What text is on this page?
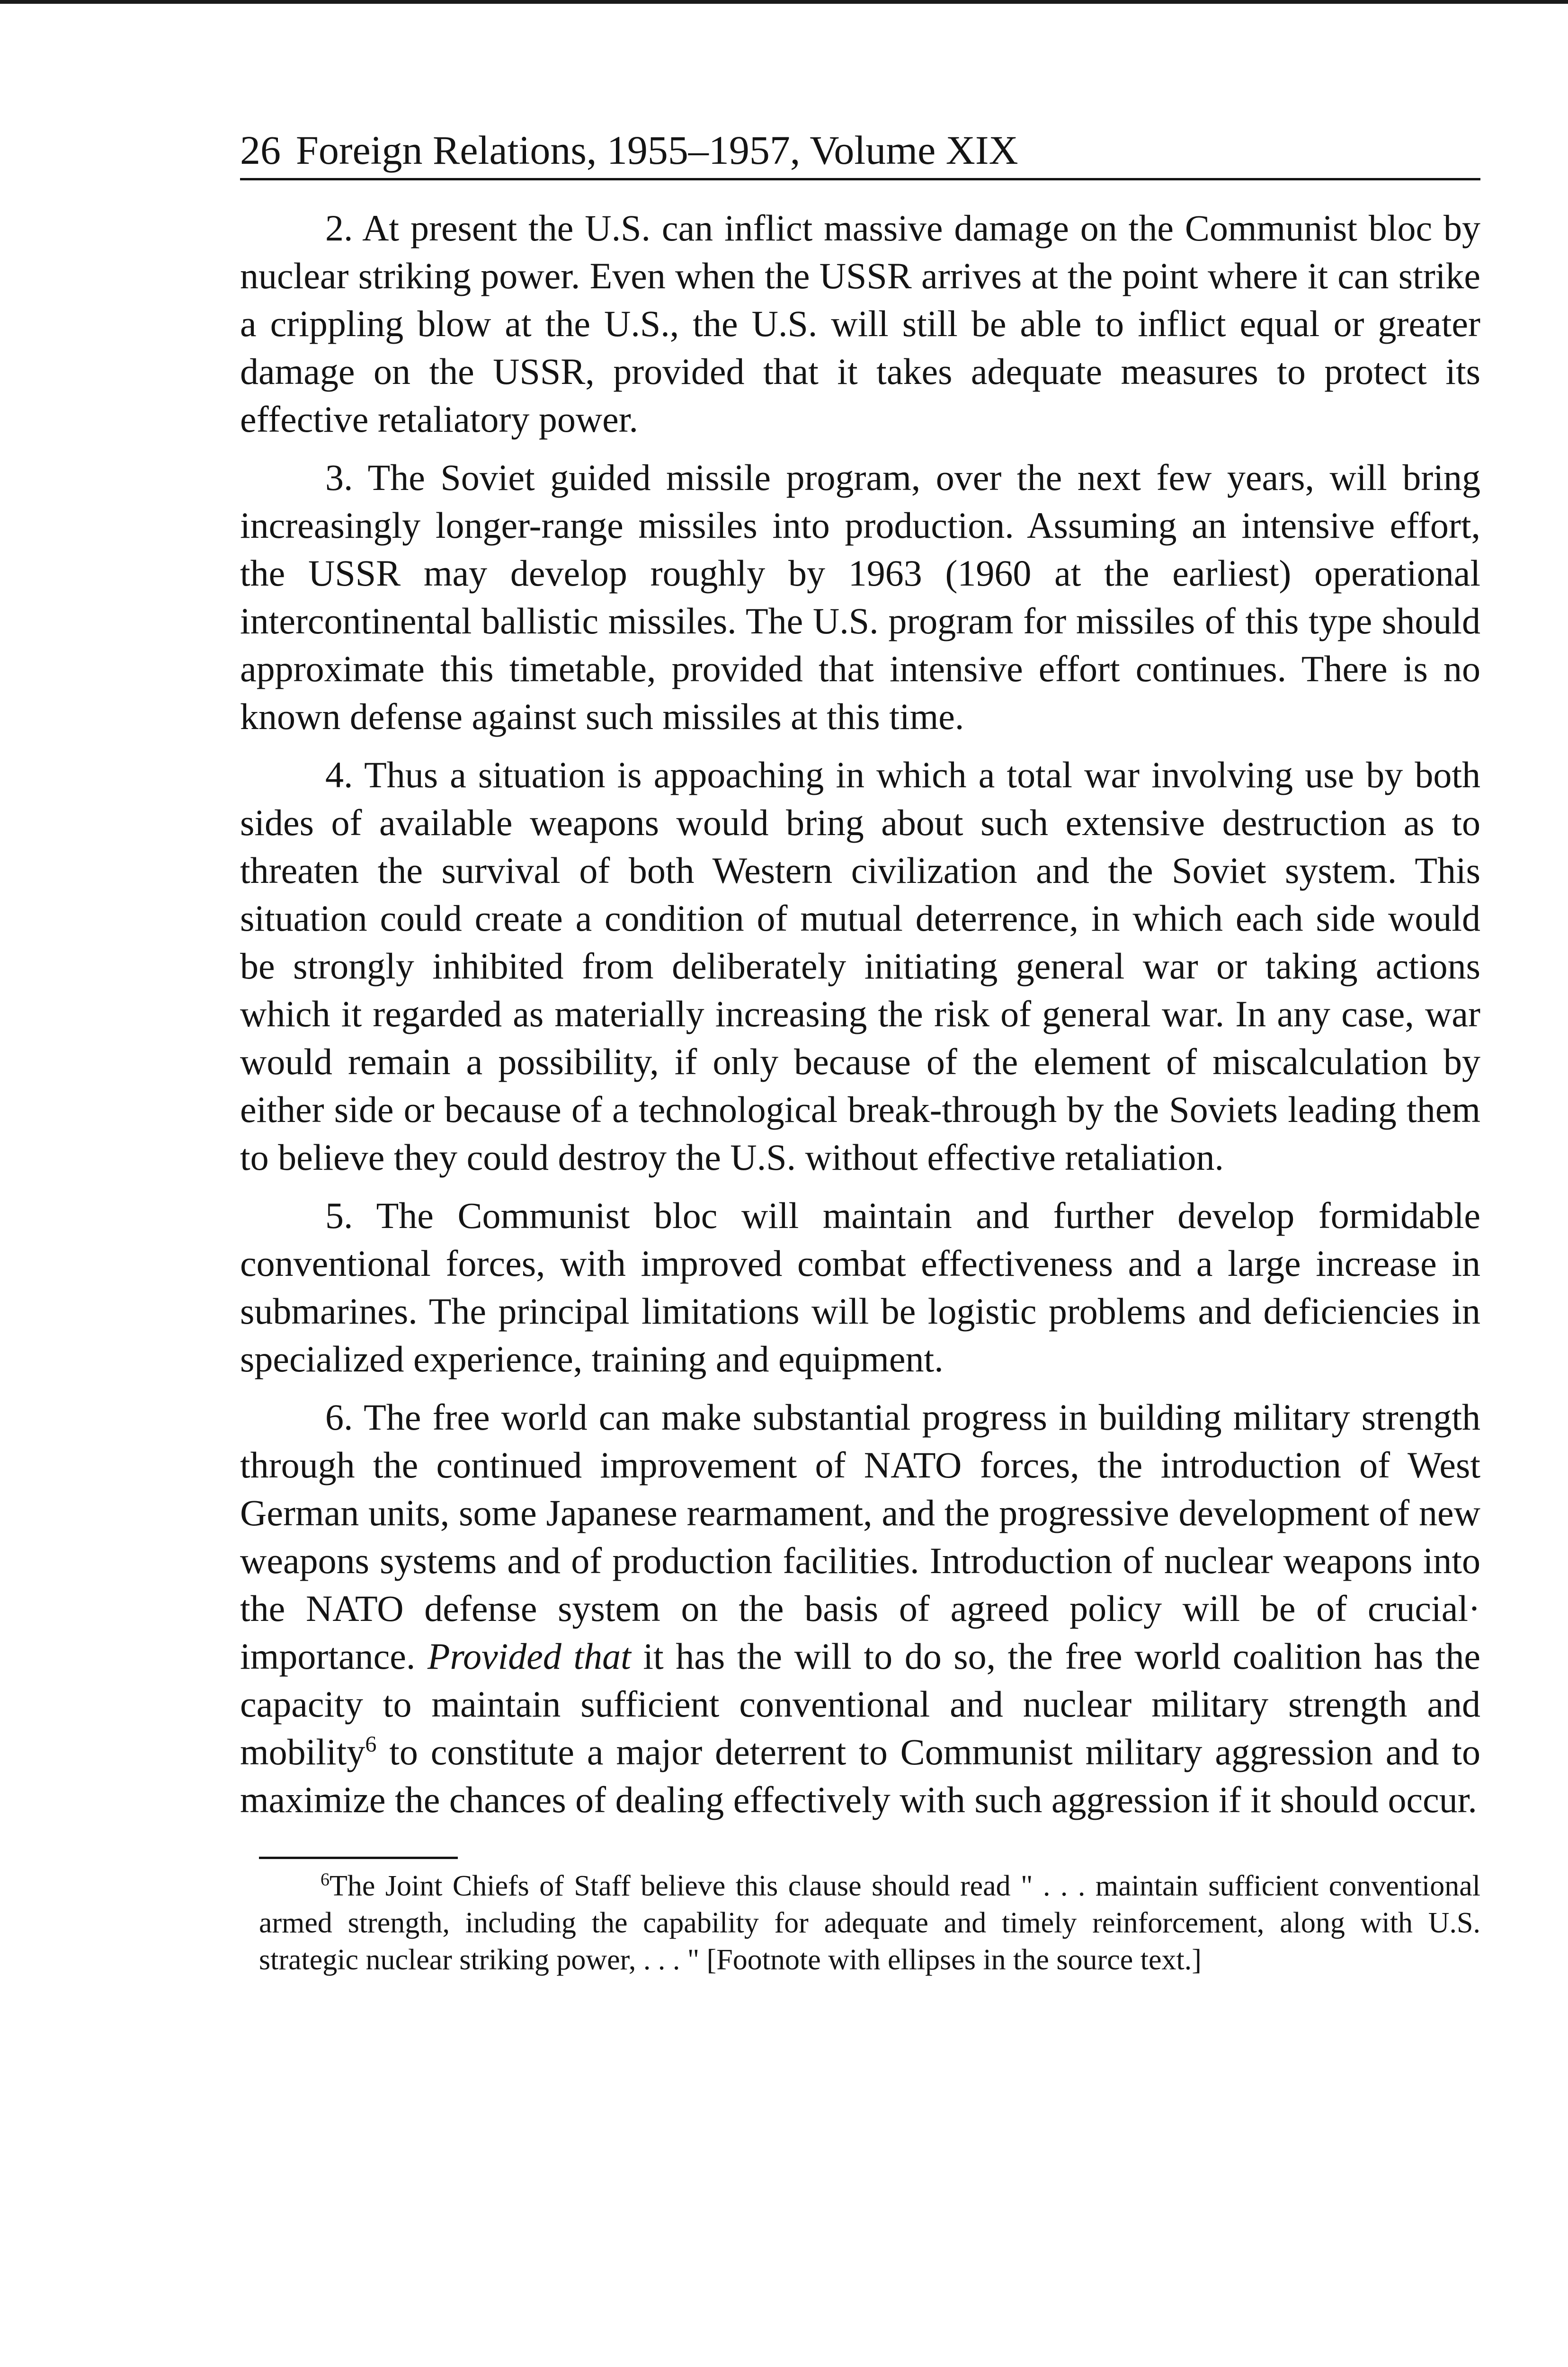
26 Foreign Relations, 1955–1957, Volume XIX

2. At present the U.S. can inflict massive damage on the Communist bloc by nuclear striking power. Even when the USSR arrives at the point where it can strike a crippling blow at the U.S., the U.S. will still be able to inflict equal or greater damage on the USSR, provided that it takes adequate measures to protect its effective retaliatory power.

3. The Soviet guided missile program, over the next few years, will bring increasingly longer-range missiles into production. Assuming an intensive effort, the USSR may develop roughly by 1963 (1960 at the earliest) operational intercontinental ballistic missiles. The U.S. program for missiles of this type should approximate this timetable, provided that intensive effort continues. There is no known defense against such missiles at this time.

4. Thus a situation is appoaching in which a total war involving use by both sides of available weapons would bring about such extensive destruction as to threaten the survival of both Western civilization and the Soviet system. This situation could create a condition of mutual deterrence, in which each side would be strongly inhibited from deliberately initiating general war or taking actions which it regarded as materially increasing the risk of general war. In any case, war would remain a possibility, if only because of the element of miscalculation by either side or because of a technological break-through by the Soviets leading them to believe they could destroy the U.S. without effective retaliation.

5. The Communist bloc will maintain and further develop formidable conventional forces, with improved combat effectiveness and a large increase in submarines. The principal limitations will be logistic problems and deficiencies in specialized experience, training and equipment.

6. The free world can make substantial progress in building military strength through the continued improvement of NATO forces, the introduction of West German units, some Japanese rearmament, and the progressive development of new weapons systems and of production facilities. Introduction of nuclear weapons into the NATO defense system on the basis of agreed policy will be of crucial· importance. Provided that it has the will to do so, the free world coalition has the capacity to maintain sufficient conventional and nuclear military strength and mobility$^6$ to constitute a major deterrent to Communist military aggression and to maximize the chances of dealing effectively with such aggression if it should occur.

$^6$The Joint Chiefs of Staff believe this clause should read " . . . maintain sufficient conventional armed strength, including the capability for adequate and timely reinforcement, along with U.S. strategic nuclear striking power, . . . " [Footnote with ellipses in the source text.]
